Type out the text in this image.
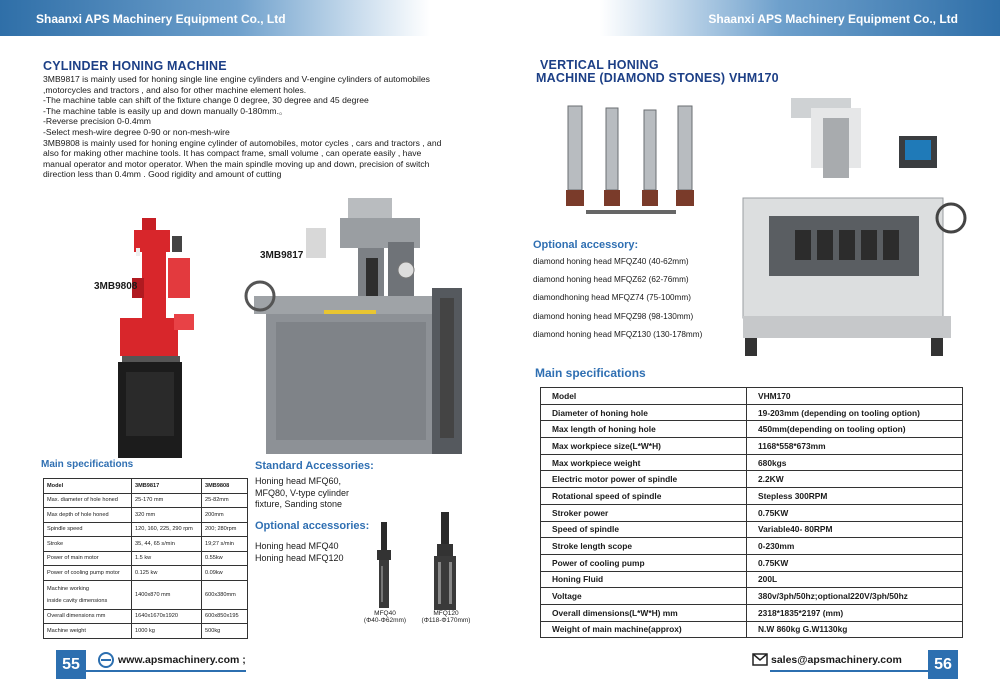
Shaanxi APS Machinery Equipment Co., Ltd	Shaanxi APS Machinery Equipment Co., Ltd
CYLINDER HONING MACHINE

3MB9817 is mainly used for honing single line engine cylinders and V-engine cylinders of automobiles

,motorcycles and tractors , and also for other machine element holes.

-The machine table can shift of the fixture change 0 degree, 30 degree and 45 degree

-The machine table is easily up and down manually 0-180mm.。

-Reverse precision 0-0.4mm

-Select mesh-wire degree 0-90 or non-mesh-wire

3MB9808 is mainly used for honing engine cylinder of automobiles, motor cycles , cars and tractors , and

also for making other machine tools. It has compact frame, small volume , can operate easily , have

manual operator and motor operator. When the main spindle moving up and down, precision of switch

direction less than 0.4mm . Good rigidity and amount of cutting

3MB9808
3MB9817
Main specifications
Model	3MB9817	3MB9808
Max. diameter of hole honed	25-170 mm	25-82mm
Max depth of hole honed	320 mm	200mm
Spindle speed	120, 160, 225, 290 rpm	200; 280rpm
Stroke	35, 44, 65 s/min	19;27 s/min
Power of main motor	1.5 kw	0.55kw
Power of cooling pump motor	0.125 kw	0.09kw

Machine working
inside cavity dimensions	1400x870 mm	600x380mm
Overall dimensions mm	1640x1670x1920	600x850x195
Machine weight	1000 kg	500kg
Standard Accessories:
Honing head MFQ60,
MFQ80, V-type cylinder
fixture, Sanding stone
Optional accessories:
Honing head MFQ40
Honing head MFQ120
MFQ40
(Φ40-Φ62mm)
MFQ120
(Φ118-Φ170mm)
VERTICAL HONING
MACHINE (DIAMOND STONES) VHM170
Optional accessory:
diamond honing head MFQZ40 (40-62mm)
diamond honing head MFQZ62 (62-76mm)
diamondhoning head MFQZ74 (75-100mm)
diamond honing head MFQZ98 (98-130mm)
diamond honing head MFQZ130 (130-178mm)
Main specifications
Model	VHM170
Diameter of honing hole	19-203mm (depending on tooling option)
Max length of honing hole	450mm(depending on tooling option)
Max workpiece size(L*W*H)	1168*558*673mm
Max workpiece weight	680kgs
Electric motor power of spindle	2.2KW
Rotational speed of spindle	Stepless 300RPM
Stroker power	0.75KW
Speed of spindle	Variable40- 80RPM
Stroke length scope	0-230mm
Power of cooling pump	0.75KW
Honing Fluid	200L
Voltage	380v/3ph/50hz;optional220V/3ph/50hz
Overall dimensions(L*W*H) mm	2318*1835*2197 (mm)
Weight of main machine(approx)	N.W 860kg G.W1130kg
55	www.apsmachinery.com ;	sales@apsmachinery.com	56
